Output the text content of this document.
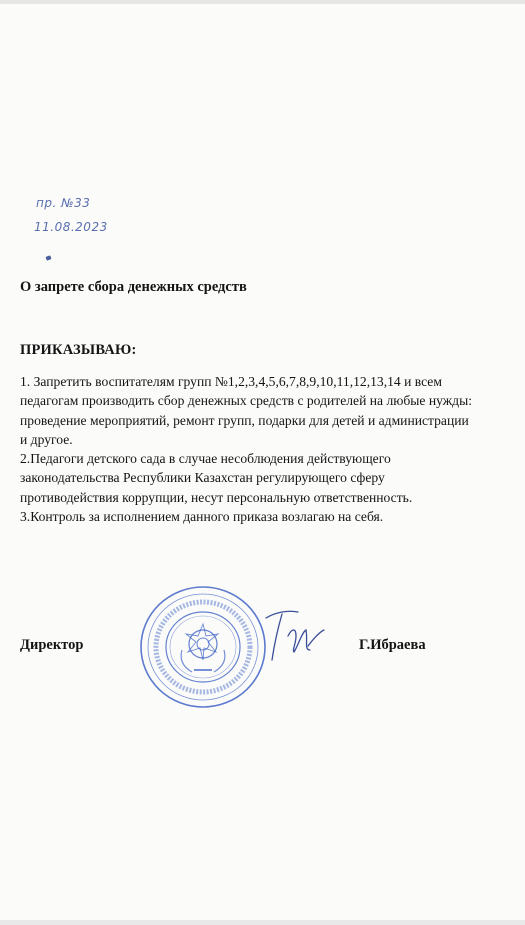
пр. №33
11.08.2023
О запрете сбора денежных средств
ПРИКАЗЫВАЮ:
1. Запретить воспитателям групп №1,2,3,4,5,6,7,8,9,10,11,12,13,14 и всем
педагогам производить сбор денежных средств с родителей на любые нужды:
проведение мероприятий, ремонт групп, подарки для детей и администрации
и другое.
2.Педагоги детского сада в случае несоблюдения действующего
законодательства Республики Казахстан регулирующего сферу
противодействия коррупции, несут персональную ответственность.
3.Контроль за исполнением данного приказа возлагаю на себя.
Директор	Г.Ибраева
